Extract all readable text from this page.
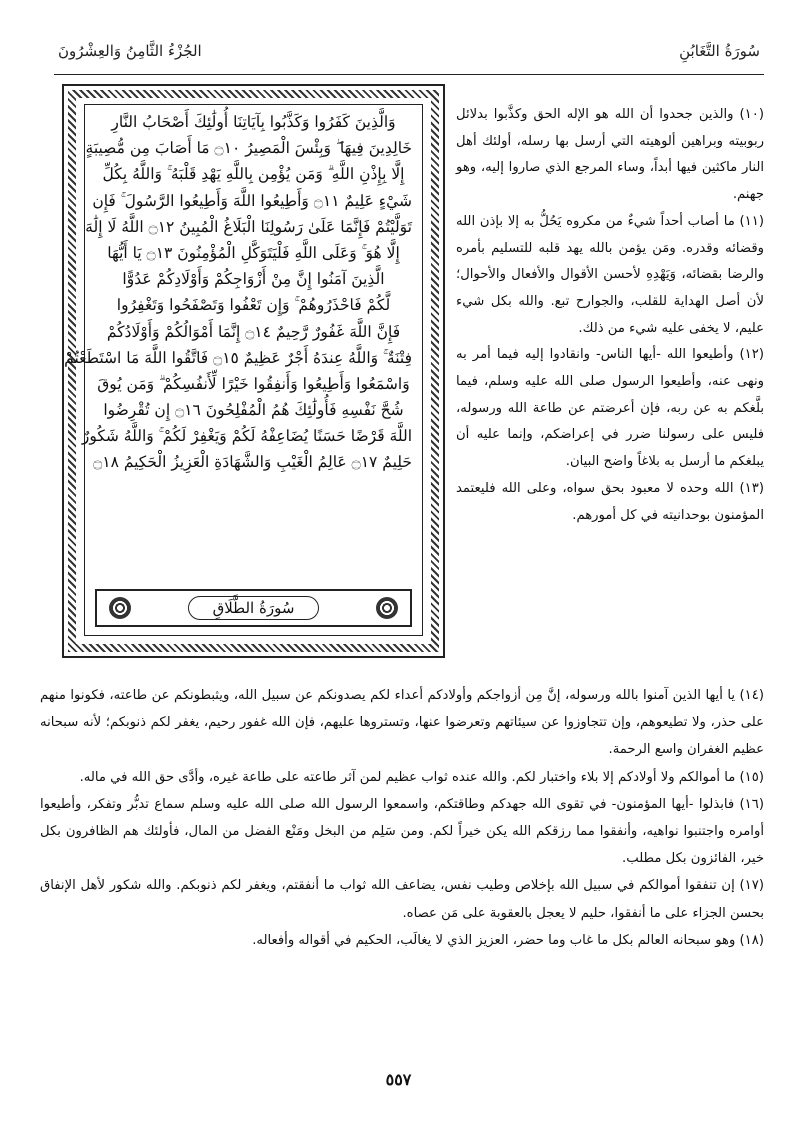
سُورَةُ التَّغَابُنِ
الجُزْءُ الثَّامِنُ وَالعِشْرُونَ
وَالَّذِينَ كَفَرُوا وَكَذَّبُوا بِآيَاتِنَا أُولَٰئِكَ أَصْحَابُ النَّارِ
خَالِدِينَ فِيهَا ۖ وَبِئْسَ الْمَصِيرُ ۝١٠ مَا أَصَابَ مِن مُّصِيبَةٍ
إِلَّا بِإِذْنِ اللَّهِ ۗ وَمَن يُؤْمِن بِاللَّهِ يَهْدِ قَلْبَهُ ۚ وَاللَّهُ بِكُلِّ
شَيْءٍ عَلِيمٌ ۝١١ وَأَطِيعُوا اللَّهَ وَأَطِيعُوا الرَّسُولَ ۚ فَإِن
تَوَلَّيْتُمْ فَإِنَّمَا عَلَىٰ رَسُولِنَا الْبَلَاغُ الْمُبِينُ ۝١٢ اللَّهُ لَا إِلَٰهَ
إِلَّا هُوَ ۚ وَعَلَى اللَّهِ فَلْيَتَوَكَّلِ الْمُؤْمِنُونَ ۝١٣ يَا أَيُّهَا
الَّذِينَ آمَنُوا إِنَّ مِنْ أَزْوَاجِكُمْ وَأَوْلَادِكُمْ عَدُوًّا
لَّكُمْ فَاحْذَرُوهُمْ ۚ وَإِن تَعْفُوا وَتَصْفَحُوا وَتَغْفِرُوا
فَإِنَّ اللَّهَ غَفُورٌ رَّحِيمٌ ۝١٤ إِنَّمَا أَمْوَالُكُمْ وَأَوْلَادُكُمْ
فِتْنَةٌ ۚ وَاللَّهُ عِندَهُ أَجْرٌ عَظِيمٌ ۝١٥ فَاتَّقُوا اللَّهَ مَا اسْتَطَعْتُمْ
وَاسْمَعُوا وَأَطِيعُوا وَأَنفِقُوا خَيْرًا لِّأَنفُسِكُمْ ۗ وَمَن يُوقَ
شُحَّ نَفْسِهِ فَأُولَٰئِكَ هُمُ الْمُفْلِحُونَ ۝١٦ إِن تُقْرِضُوا
اللَّهَ قَرْضًا حَسَنًا يُضَاعِفْهُ لَكُمْ وَيَغْفِرْ لَكُمْ ۚ وَاللَّهُ شَكُورٌ
حَلِيمٌ ۝١٧ عَالِمُ الْغَيْبِ وَالشَّهَادَةِ الْعَزِيزُ الْحَكِيمُ ۝١٨
سُورَةُ الطَّلَاقِ

(١٠) والذين جحدوا أن الله هو الإله الحق وكذَّبوا بدلائل ربوبيته وبراهين ألوهيته التي أرسل بها رسله، أولئك أهل النار ماكثين فيها أبداً، وساء المرجع الذي صاروا إليه، وهو جهنم.

(١١) ما أصاب أحداً شيءٌ من مكروه يَحُلُّ به إلا بإذن الله وقضائه وقدره. ومَن يؤمن بالله يهد قلبه للتسليم بأمره والرضا بقضائه، وَيَهْدِهِ لأحسن الأقوال والأفعال والأحوال؛ لأن أصل الهداية للقلب، والجوارح تبع. والله بكل شيء عليم، لا يخفى عليه شيء من ذلك.

(١٢) وأطيعوا الله -أيها الناس- وانقادوا إليه فيما أمر به ونهى عنه، وأطيعوا الرسول صلى الله عليه وسلم، فيما بلَّغكم به عن ربه، فإن أعرضتم عن طاعة الله ورسوله، فليس على رسولنا ضرر في إعراضكم، وإنما عليه أن يبلغكم ما أرسل به بلاغاً واضح البيان.

(١٣) الله وحده لا معبود بحق سواه، وعلى الله فليعتمد المؤمنون بوحدانيته في كل أمورهم.

(١٤) يا أيها الذين آمنوا بالله ورسوله، إنَّ مِن أزواجكم وأولادكم أعداء لكم يصدونكم عن سبيل الله، ويثبطونكم عن طاعته، فكونوا منهم على حذر، ولا تطيعوهم، وإن تتجاوزوا عن سيئاتهم وتعرضوا عنها، وتستروها عليهم، فإن الله غفور رحيم، يغفر لكم ذنوبكم؛ لأنه سبحانه عظيم الغفران واسع الرحمة.

(١٥) ما أموالكم ولا أولادكم إلا بلاء واختبار لكم. والله عنده ثواب عظيم لمن آثر طاعته على طاعة غيره، وأدَّى حق الله في ماله.

(١٦) فابذلوا -أيها المؤمنون- في تقوى الله جهدكم وطاقتكم، واسمعوا الرسول الله صلى الله عليه وسلم سماع تدبُّر وتفكر، وأطيعوا أوامره واجتنبوا نواهيه، وأنفقوا مما رزقكم الله يكن خيراً لكم. ومن سَلِم من البخل ومَنْع الفضل من المال، فأولئك هم الظافرون بكل خير، الفائزون بكل مطلب.

(١٧) إن تنفقوا أموالكم في سبيل الله بإخلاص وطيب نفس، يضاعف الله ثواب ما أنفقتم، ويغفر لكم ذنوبكم. والله شكور لأهل الإنفاق بحسن الجزاء على ما أنفقوا، حليم لا يعجل بالعقوبة على مَن عصاه.

(١٨) وهو سبحانه العالم بكل ما غاب وما حضر، العزيز الذي لا يغالَب، الحكيم في أقواله وأفعاله.

٥٥٧
